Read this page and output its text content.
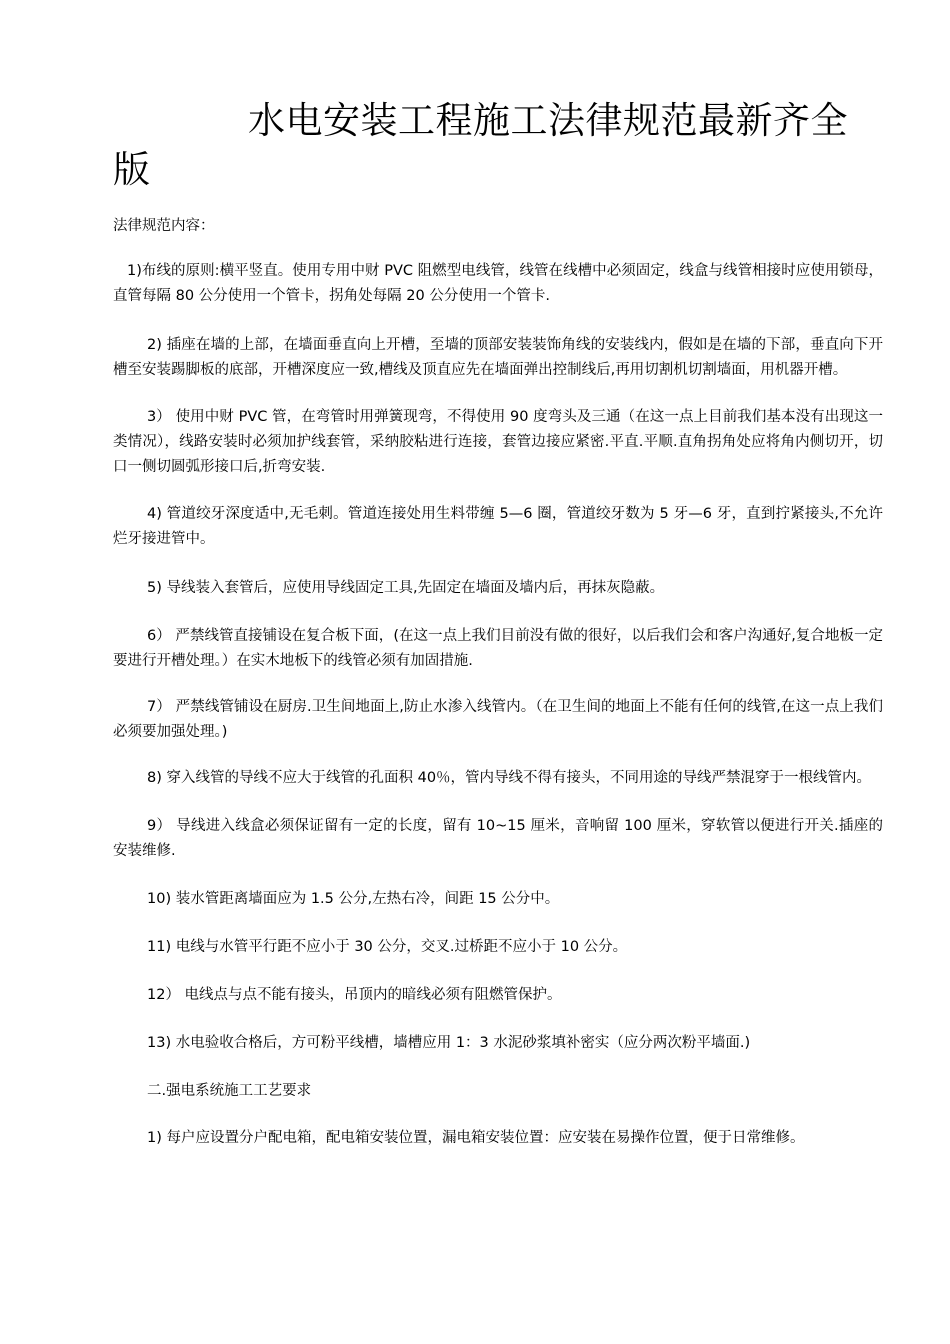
水电安装工程施工法律规范最新齐全版

法律规范内容：

1)布线的原则:横平竖直。使用专用中财 PVC 阻燃型电线管，线管在线槽中必须固定，线盒与线管相接时应使用锁母，直管每隔 80 公分使用一个管卡，拐角处每隔 20 公分使用一个管卡.

2) 插座在墙的上部，在墙面垂直向上开槽，至墙的顶部安装装饰角线的安装线内，假如是在墙的下部，垂直向下开槽至安装踢脚板的底部，开槽深度应一致,槽线及顶直应先在墙面弹出控制线后,再用切割机切割墙面，用机器开槽。

3） 使用中财 PVC 管，在弯管时用弹簧现弯，不得使用 90 度弯头及三通（在这一点上目前我们基本没有出现这一类情况），线路安装时必须加护线套管，采纳胶粘进行连接，套管边接应紧密.平直.平顺.直角拐角处应将角内侧切开，切口一侧切圆弧形接口后,折弯安装.

4) 管道绞牙深度适中,无毛刺。管道连接处用生料带缠 5—6 圈，管道绞牙数为 5 牙—6 牙，直到拧紧接头,不允许烂牙接进管中。

5) 导线装入套管后，应使用导线固定工具,先固定在墙面及墙内后，再抹灰隐蔽。

6） 严禁线管直接铺设在复合板下面，(在这一点上我们目前没有做的很好，以后我们会和客户沟通好,复合地板一定要进行开槽处理。）在实木地板下的线管必须有加固措施.

7） 严禁线管铺设在厨房.卫生间地面上,防止水渗入线管内。（在卫生间的地面上不能有任何的线管,在这一点上我们必须要加强处理。)

8) 穿入线管的导线不应大于线管的孔面积 40％，管内导线不得有接头，不同用途的导线严禁混穿于一根线管内。

9） 导线进入线盒必须保证留有一定的长度，留有 10~15 厘米，音响留 100 厘米，穿软管以便进行开关.插座的安装维修.

10) 装水管距离墙面应为 1.5 公分,左热右冷，间距 15 公分中。

11) 电线与水管平行距不应小于 30 公分，交叉.过桥距不应小于 10 公分。

12） 电线点与点不能有接头，吊顶内的暗线必须有阻燃管保护。

13) 水电验收合格后，方可粉平线槽，墙槽应用 1：3 水泥砂浆填补密实（应分两次粉平墙面.)

二.强电系统施工工艺要求

1) 每户应设置分户配电箱，配电箱安装位置，漏电箱安装位置：应安装在易操作位置，便于日常维修。
